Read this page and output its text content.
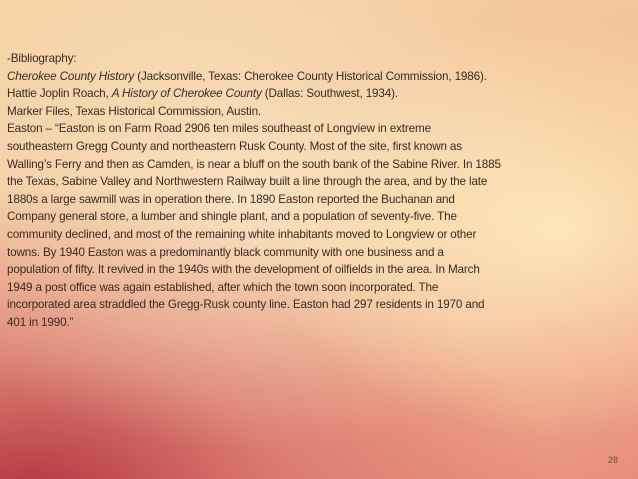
-Bibliography:
Cherokee County History (Jacksonville, Texas: Cherokee County Historical Commission, 1986).
Hattie Joplin Roach, A History of Cherokee County (Dallas: Southwest, 1934).
Marker Files, Texas Historical Commission, Austin.
Easton – “Easton is on Farm Road 2906 ten miles southeast of Longview in extreme
southeastern Gregg County and northeastern Rusk County. Most of the site, first known as
Walling’s Ferry and then as Camden, is near a bluff on the south bank of the Sabine River. In 1885
the Texas, Sabine Valley and Northwestern Railway built a line through the area, and by the late
1880s a large sawmill was in operation there. In 1890 Easton reported the Buchanan and
Company general store, a lumber and shingle plant, and a population of seventy-five. The
community declined, and most of the remaining white inhabitants moved to Longview or other
towns. By 1940 Easton was a predominantly black community with one business and a
population of fifty. It revived in the 1940s with the development of oilfields in the area. In March
1949 a post office was again established, after which the town soon incorporated. The
incorporated area straddled the Gregg-Rusk county line. Easton had 297 residents in 1970 and
401 in 1990.”
28
